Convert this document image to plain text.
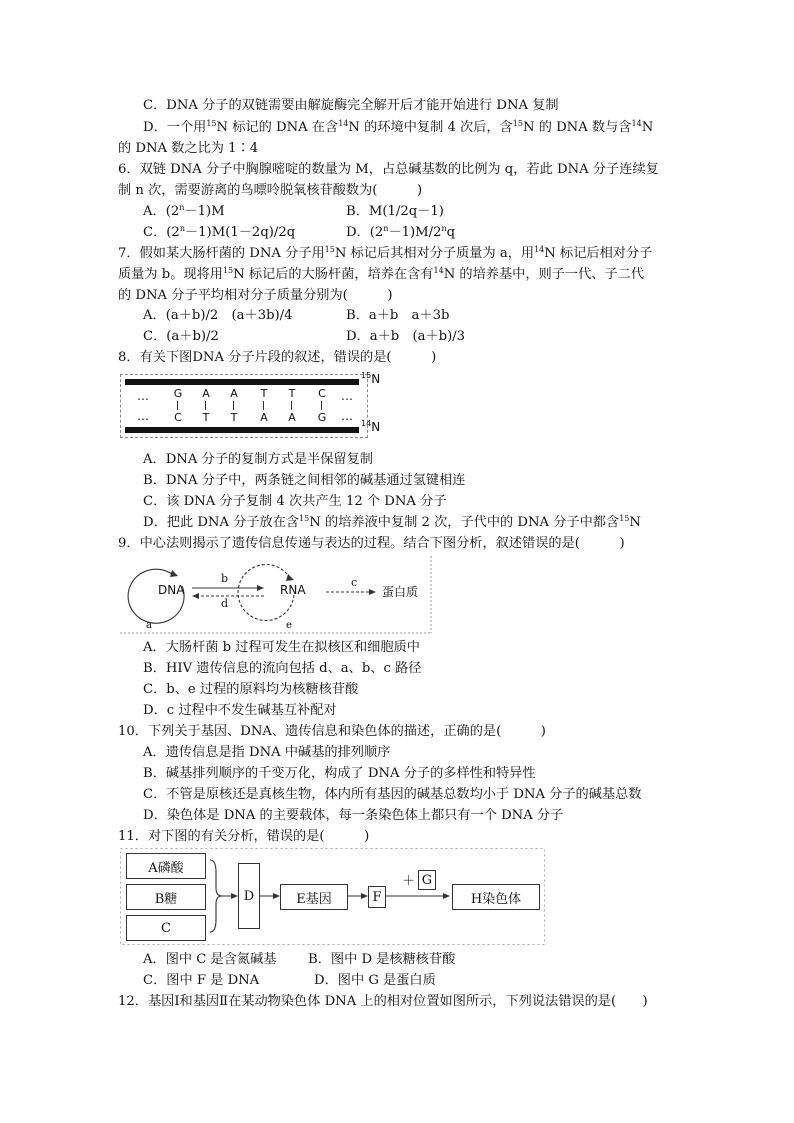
C．DNA 分子的双链需要由解旋酶完全解开后才能开始进行 DNA 复制
D．一个用$^{15}$N 标记的 DNA 在含$^{14}$N 的环境中复制 4 次后，含$^{15}$N 的 DNA 数与含$^{14}$N
的 DNA 数之比为 1∶4
6．双链 DNA 分子中胸腺嘧啶的数量为 M，占总碱基数的比例为 q，若此 DNA 分子连续复
制 n 次，需要游离的鸟嘌呤脱氧核苷酸数为(　　　)
A．$(2^n-1)M$	B．M(1/2q－1)
C．$(2^n-1)M(1-2q)/2q$	D．$(2^n-1)M/2^nq$
7．假如某大肠杆菌的 DNA 分子用$^{15}$N 标记后其相对分子质量为 a，用$^{14}$N 标记后相对分子
质量为 b。现将用$^{15}$N 标记后的大肠杆菌，培养在含有$^{14}$N 的培养基中，则子一代、子二代
的 DNA 分子平均相对分子质量分别为(　　　)
A．(a＋b)/2　(a＋3b)/4	B．a＋b　a＋3b
C．(a＋b)/2	D．a＋b　(a＋b)/3
8．有关下图DNA 分子片段的叙述，错误的是(　　　)
…
…
…
…
G
C
A
T
A
T
T
A
T
A
C
G
$^{15}$N
$^{14}$N
A．DNA 分子的复制方式是半保留复制
B．DNA 分子中，两条链之间相邻的碱基通过氢键相连
C．该 DNA 分子复制 4 次共产生 12 个 DNA 分子
D．把此 DNA 分子放在含$^{15}$N 的培养液中复制 2 次，子代中的 DNA 分子中都含$^{15}$N
9．中心法则揭示了遗传信息传递与表达的过程。结合下图分析，叙述错误的是(　　　)
DNA	RNA	蛋白质
b
d
c
a	e
A．大肠杆菌 b 过程可发生在拟核区和细胞质中
B．HIV 遗传信息的流向包括 d、a、b、c 路径
C．b、e 过程的原料均为核糖核苷酸
D．c 过程中不发生碱基互补配对
10．下列关于基因、DNA、遗传信息和染色体的描述，正确的是(　　　)
A．遗传信息是指 DNA 中碱基的排列顺序
B．碱基排列顺序的千变万化，构成了 DNA 分子的多样性和特异性
C．不管是原核还是真核生物，体内所有基因的碱基总数均小于 DNA 分子的碱基总数
D．染色体是 DNA 的主要载体，每一条染色体上都只有一个 DNA 分子
11．对下图的有关分析，错误的是(　　　)
A磷酸
B糖
C
D	E基因	F
＋ G
H染色体
A．图中 C 是含氮碱基 B．图中 D 是核糖核苷酸
C．图中 F 是 DNA	D．图中 G 是蛋白质
12．基因Ⅰ和基因Ⅱ在某动物染色体 DNA 上的相对位置如图所示，下列说法错误的是(　　)
